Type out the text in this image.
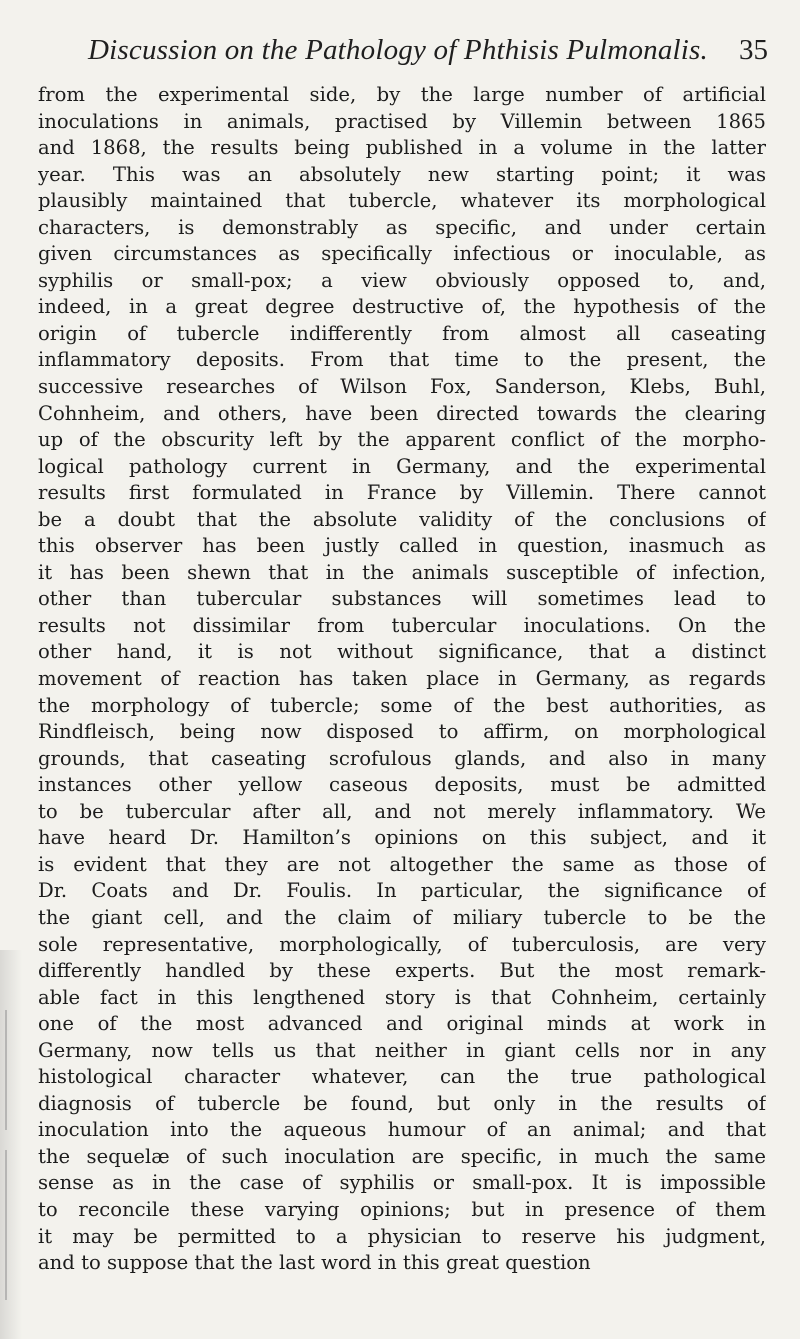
Discussion on the Pathology of Phthisis Pulmonalis. 35
from the experimental side, by the large number of artificial
inoculations in animals, practised by Villemin between 1865
and 1868, the results being published in a volume in the latter
year. This was an absolutely new starting point; it was
plausibly maintained that tubercle, whatever its morphological
characters, is demonstrably as specific, and under certain
given circumstances as specifically infectious or inoculable, as
syphilis or small-pox; a view obviously opposed to, and,
indeed, in a great degree destructive of, the hypothesis of the
origin of tubercle indifferently from almost all caseating
inflammatory deposits. From that time to the present, the
successive researches of Wilson Fox, Sanderson, Klebs, Buhl,
Cohnheim, and others, have been directed towards the clearing
up of the obscurity left by the apparent conflict of the morpho-
logical pathology current in Germany, and the experimental
results first formulated in France by Villemin. There cannot
be a doubt that the absolute validity of the conclusions of
this observer has been justly called in question, inasmuch as
it has been shewn that in the animals susceptible of infection,
other than tubercular substances will sometimes lead to
results not dissimilar from tubercular inoculations. On the
other hand, it is not without significance, that a distinct
movement of reaction has taken place in Germany, as regards
the morphology of tubercle; some of the best authorities, as
Rindfleisch, being now disposed to affirm, on morphological
grounds, that caseating scrofulous glands, and also in many
instances other yellow caseous deposits, must be admitted
to be tubercular after all, and not merely inflammatory. We
have heard Dr. Hamilton’s opinions on this subject, and it
is evident that they are not altogether the same as those of
Dr. Coats and Dr. Foulis. In particular, the significance of
the giant cell, and the claim of miliary tubercle to be the
sole representative, morphologically, of tuberculosis, are very
differently handled by these experts. But the most remark-
able fact in this lengthened story is that Cohnheim, certainly
one of the most advanced and original minds at work in
Germany, now tells us that neither in giant cells nor in any
histological character whatever, can the true pathological
diagnosis of tubercle be found, but only in the results of
inoculation into the aqueous humour of an animal; and that
the sequelæ of such inoculation are specific, in much the same
sense as in the case of syphilis or small-pox. It is impossible
to reconcile these varying opinions; but in presence of them
it may be permitted to a physician to reserve his judgment,
and to suppose that the last word in this great question
